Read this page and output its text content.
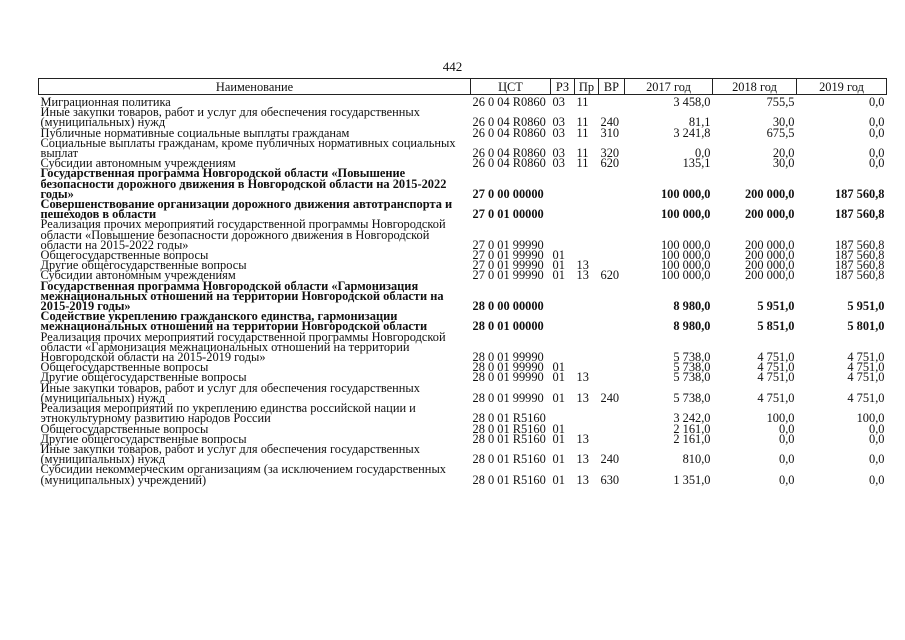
442
Наименование	ЦСТ	РЗ	Пр	ВР	2017 год	2018 год	2019 год
Миграционная политика	26 0 04 R0860	03	11		3 458,0	755,5	0,0
Иные закупки товаров, работ и услуг для обеспечения государственных (муниципальных) нужд	26 0 04 R0860	03	11	240	81,1	30,0	0,0
Публичные нормативные социальные выплаты гражданам	26 0 04 R0860	03	11	310	3 241,8	675,5	0,0
Социальные выплаты гражданам, кроме публичных нормативных социальных выплат	26 0 04 R0860	03	11	320	0,0	20,0	0,0
Субсидии автономным учреждениям	26 0 04 R0860	03	11	620	135,1	30,0	0,0
Государственная программа Новгородской области «Повышение безопасности дорожного движения в Новгородской области на 2015-2022 годы»	27 0 00 00000				100 000,0	200 000,0	187 560,8
Совершенствование организации дорожного движения автотранспорта и пешеходов в области	27 0 01 00000				100 000,0	200 000,0	187 560,8
Реализация прочих мероприятий государственной программы Новгородской области «Повышение безопасности дорожного движения в Новгородской области на 2015-2022 годы»	27 0 01 99990				100 000,0	200 000,0	187 560,8
Общегосударственные вопросы	27 0 01 99990	01			100 000,0	200 000,0	187 560,8
Другие общегосударственные вопросы	27 0 01 99990	01	13		100 000,0	200 000,0	187 560,8
Субсидии автономным учреждениям	27 0 01 99990	01	13	620	100 000,0	200 000,0	187 560,8
Государственная программа Новгородской области «Гармонизация межнациональных отношений на территории Новгородской области на 2015-2019 годы»	28 0 00 00000				8 980,0	5 951,0	5 951,0
Содействие укреплению гражданского единства, гармонизации межнациональных отношений на территории Новгородской области	28 0 01 00000				8 980,0	5 851,0	5 801,0
Реализация прочих мероприятий государственной программы Новгородской области «Гармонизация межнациональных отношений на территории Новгородской области на 2015-2019 годы»	28 0 01 99990				5 738,0	4 751,0	4 751,0
Общегосударственные вопросы	28 0 01 99990	01			5 738,0	4 751,0	4 751,0
Другие общегосударственные вопросы	28 0 01 99990	01	13		5 738,0	4 751,0	4 751,0
Иные закупки товаров, работ и услуг для обеспечения государственных (муниципальных) нужд	28 0 01 99990	01	13	240	5 738,0	4 751,0	4 751,0
Реализация мероприятий по укреплению единства российской нации и этнокультурному развитию народов России	28 0 01 R5160				3 242,0	100,0	100,0
Общегосударственные вопросы	28 0 01 R5160	01			2 161,0	0,0	0,0
Другие общегосударственные вопросы	28 0 01 R5160	01	13		2 161,0	0,0	0,0
Иные закупки товаров, работ и услуг для обеспечения государственных (муниципальных) нужд	28 0 01 R5160	01	13	240	810,0	0,0	0,0
Субсидии некоммерческим организациям (за исключением государственных (муниципальных) учреждений)	28 0 01 R5160	01	13	630	1 351,0	0,0	0,0
